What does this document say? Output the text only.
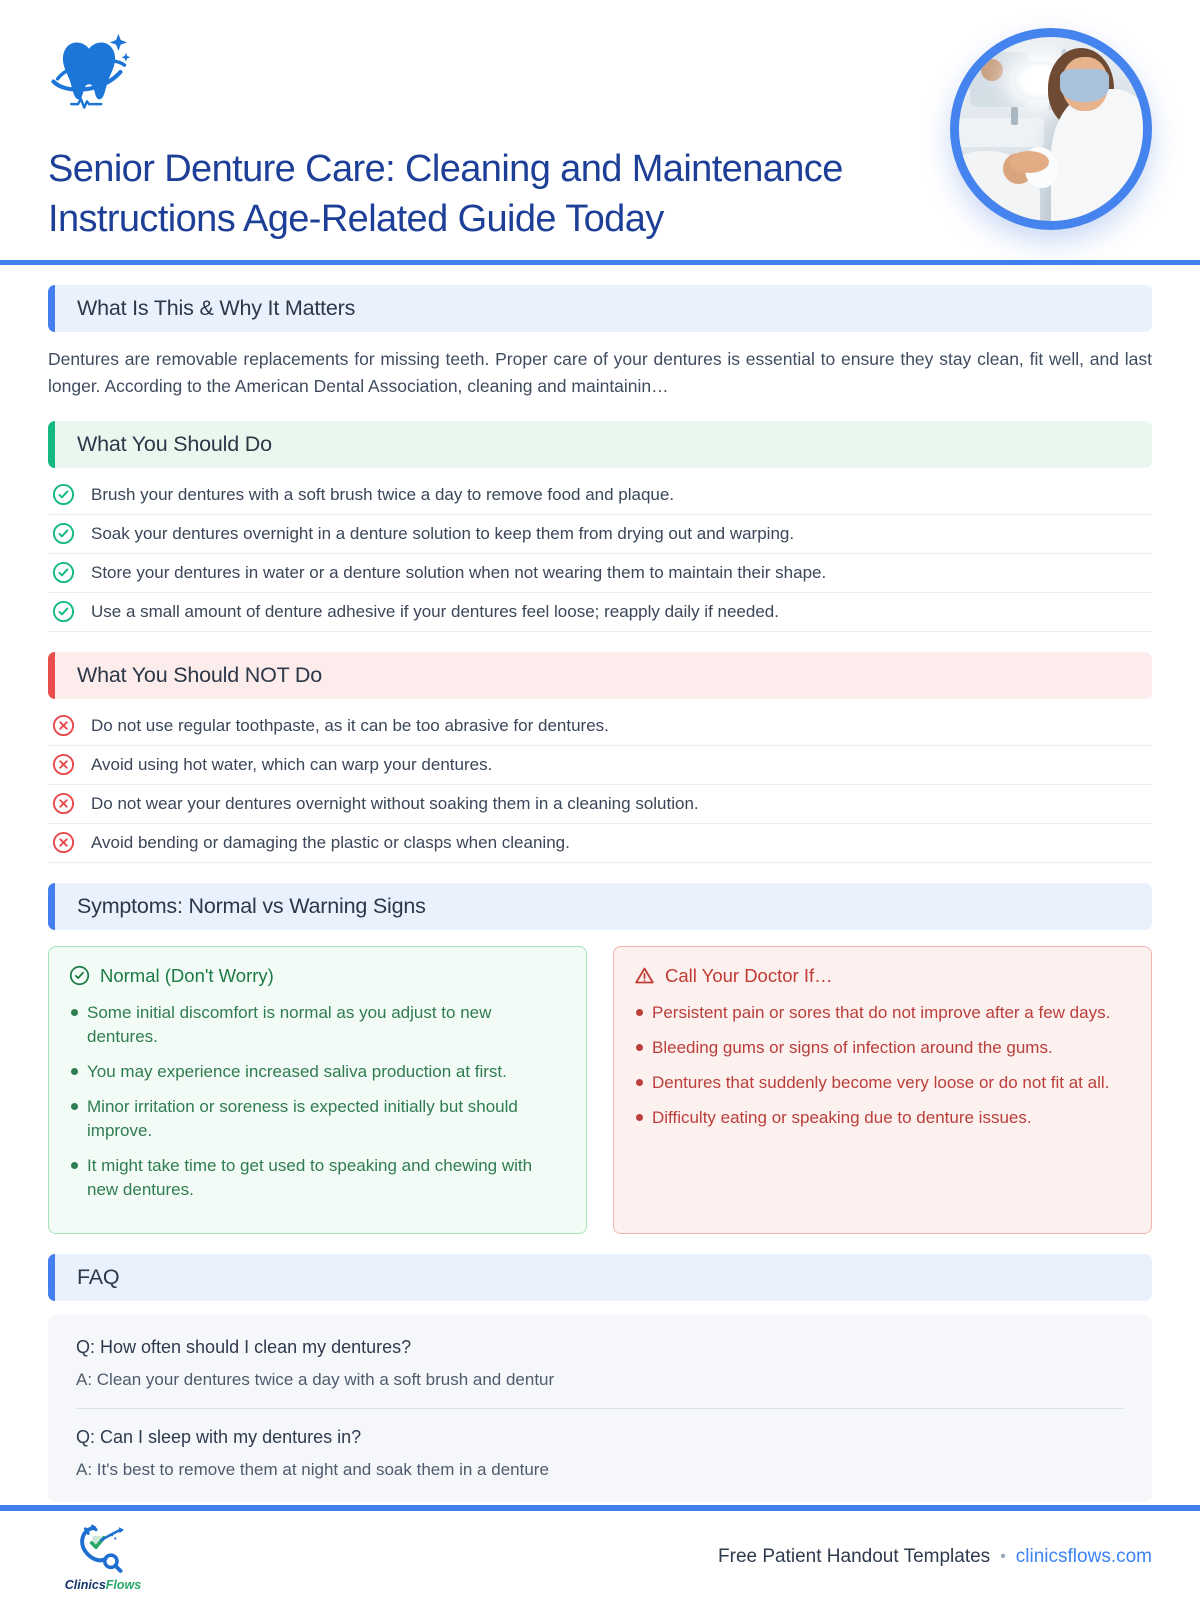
Senior Denture Care: Cleaning and Maintenance Instructions Age-Related Guide Today
What Is This & Why It Matters

Dentures are removable replacements for missing teeth. Proper care of your dentures is essential to ensure they stay clean, fit well, and last longer. According to the American Dental Association, cleaning and maintainin…

What You Should Do
Brush your dentures with a soft brush twice a day to remove food and plaque.
Soak your dentures overnight in a denture solution to keep them from drying out and warping.
Store your dentures in water or a denture solution when not wearing them to maintain their shape.
Use a small amount of denture adhesive if your dentures feel loose; reapply daily if needed.
What You Should NOT Do
Do not use regular toothpaste, as it can be too abrasive for dentures.
Avoid using hot water, which can warp your dentures.
Do not wear your dentures overnight without soaking them in a cleaning solution.
Avoid bending or damaging the plastic or clasps when cleaning.
Symptoms: Normal vs Warning Signs
Normal (Don't Worry)
Some initial discomfort is normal as you adjust to new dentures.
You may experience increased saliva production at first.
Minor irritation or soreness is expected initially but should improve.
It might take time to get used to speaking and chewing with new dentures.
Call Your Doctor If…
Persistent pain or sores that do not improve after a few days.
Bleeding gums or signs of infection around the gums.
Dentures that suddenly become very loose or do not fit at all.
Difficulty eating or speaking due to denture issues.
FAQ
Q: How often should I clean my dentures?
A: Clean your dentures twice a day with a soft brush and dentur
Q: Can I sleep with my dentures in?
A: It's best to remove them at night and soak them in a denture
ClinicsFlows
Free Patient Handout Templates • clinicsflows.com
